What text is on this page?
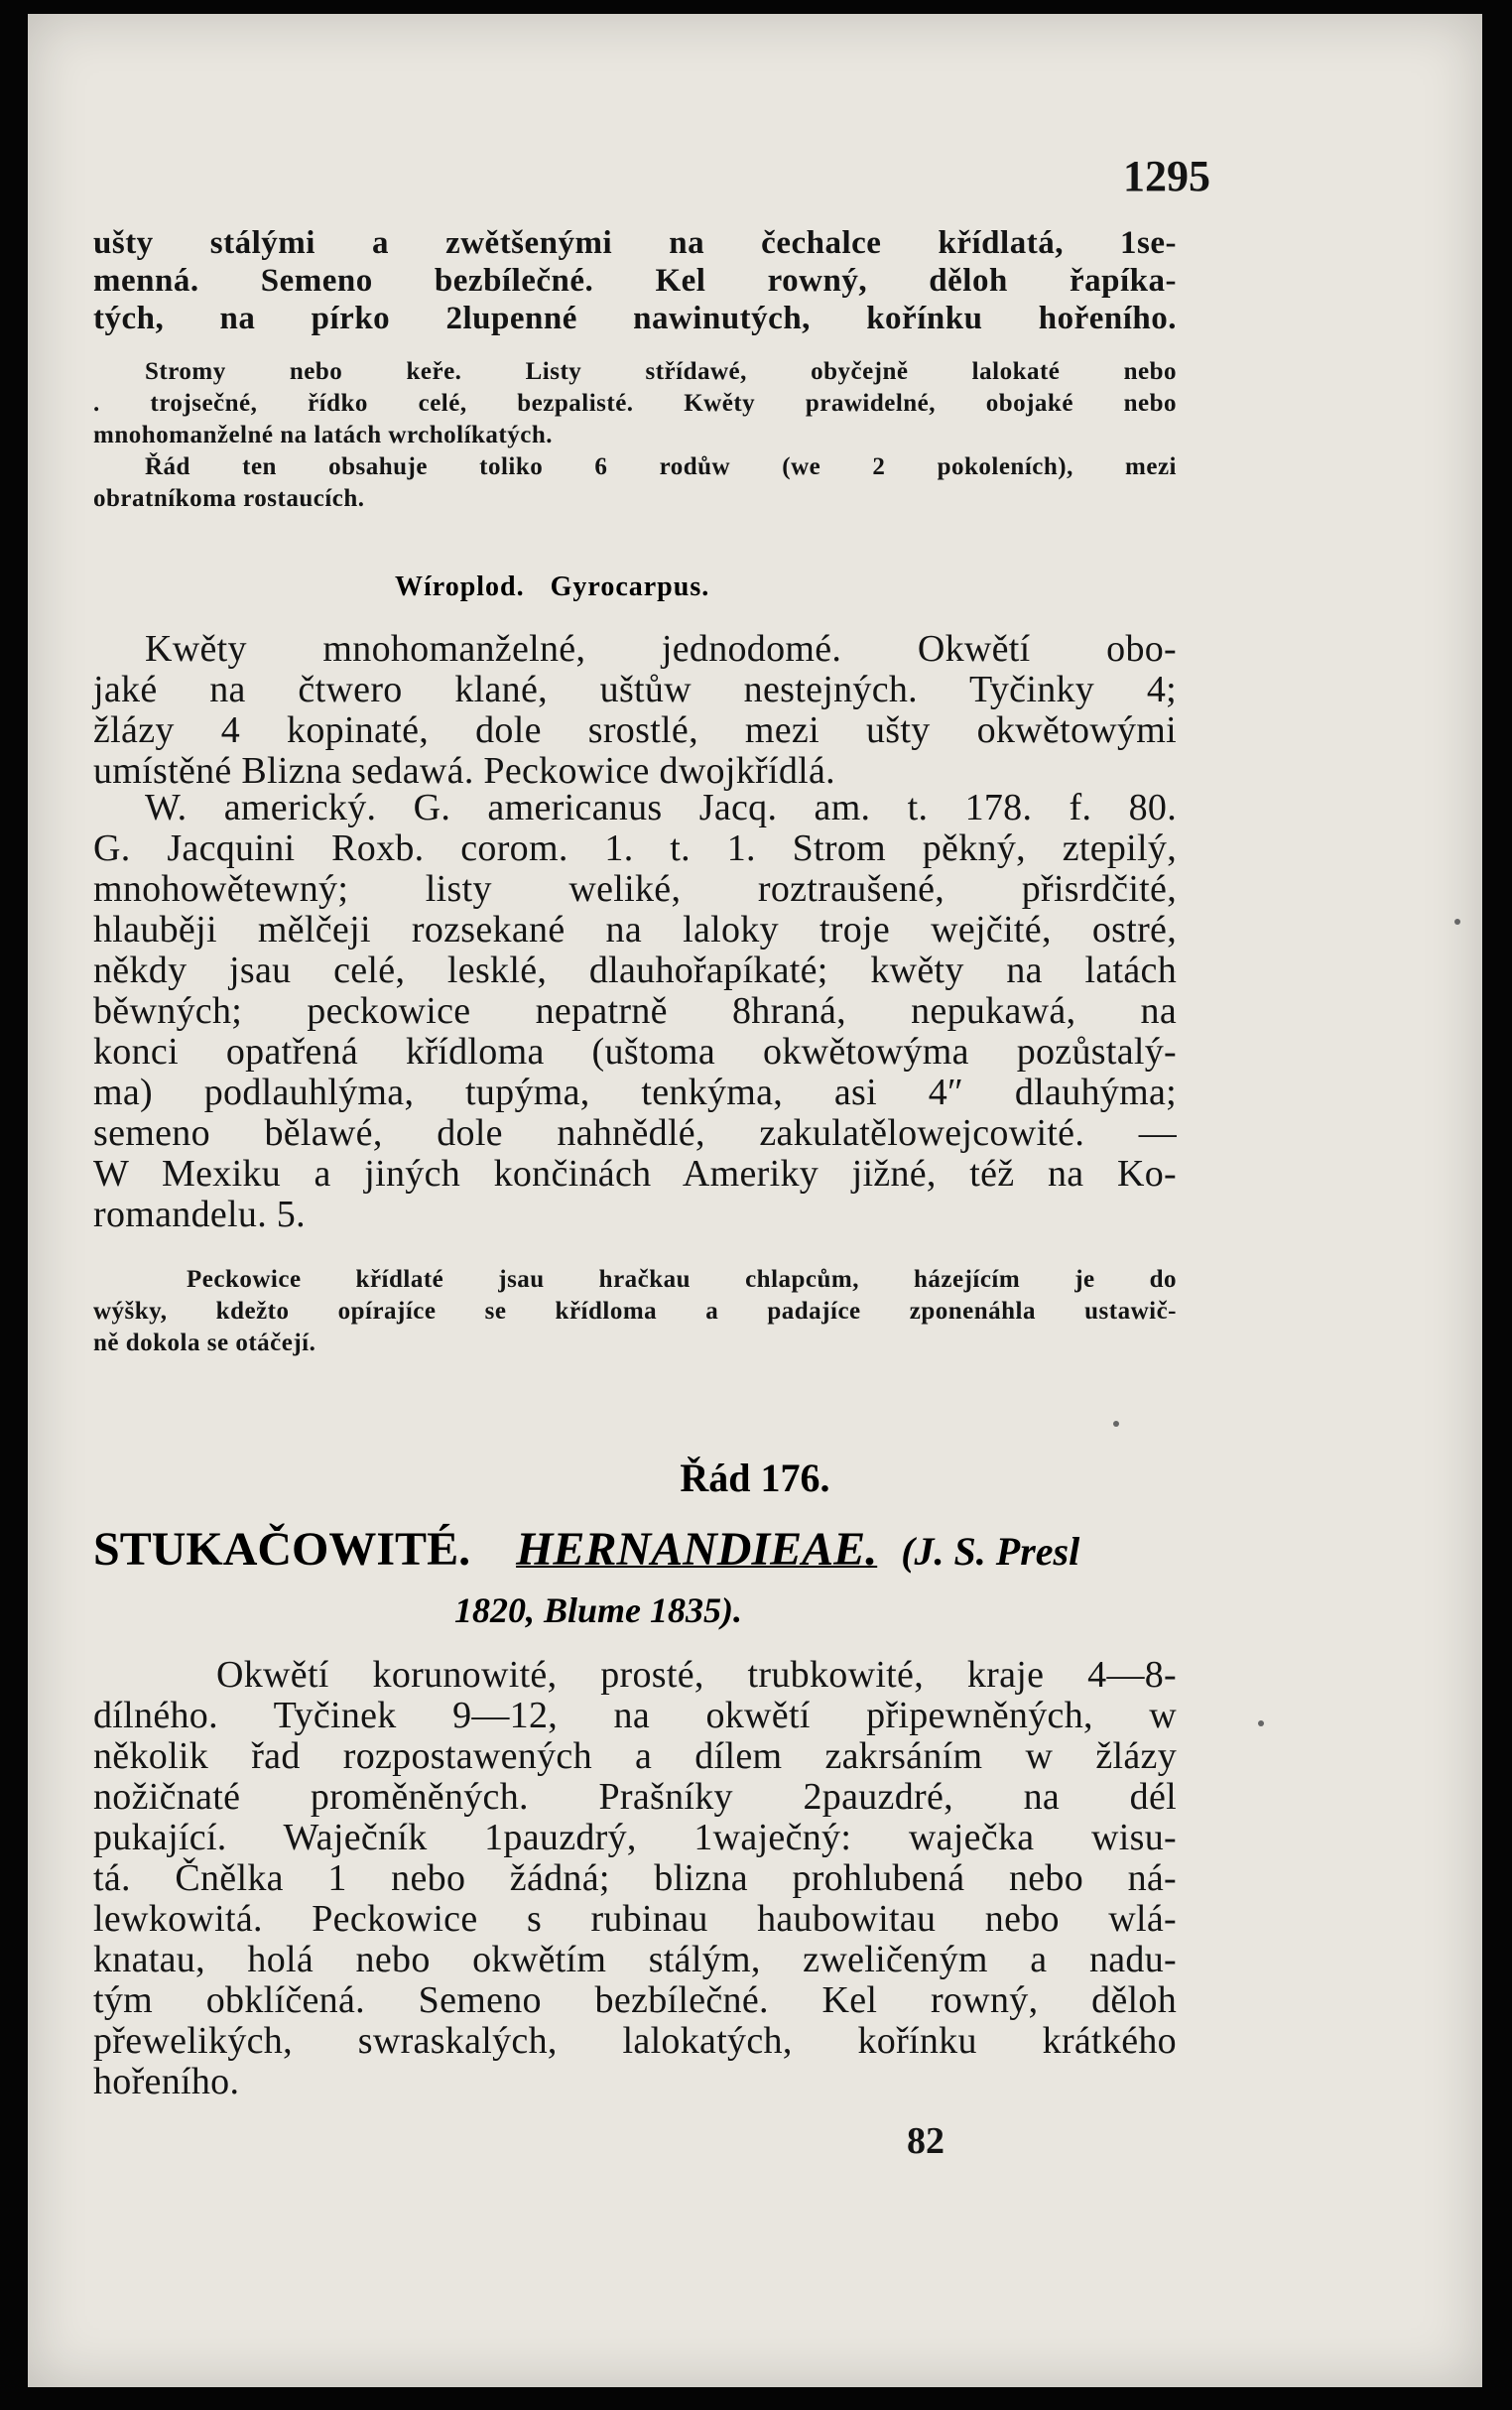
1295
ušty stálými a zwětšenými na čechalce křídlatá, 1se-
menná. Semeno bezbílečné. Kel rowný, děloh řapíka-
tých, na pírko 2lupenné nawinutých, kořínku hořeního.
Stromy nebo keře. Listy střídawé, obyčejně lalokaté nebo
. trojsečné, řídko celé, bezpalisté. Kwěty prawidelné, obojaké nebo
mnohomanželné na latách wrcholíkatých.
Řád ten obsahuje toliko 6 rodůw (we 2 pokoleních), mezi
obratníkoma rostaucích.
Wíroplod. Gyrocarpus.
Kwěty mnohomanželné, jednodomé. Okwětí obo-
jaké na čtwero klané, uštůw nestejných. Tyčinky 4;
žlázy 4 kopinaté, dole srostlé, mezi ušty okwětowými
umístěné Blizna sedawá. Peckowice dwojkřídlá.
W. americký. G. americanus Jacq. am. t. 178. f. 80.
G. Jacquini Roxb. corom. 1. t. 1. Strom pěkný, ztepilý,
mnohowětewný; listy weliké, roztraušené, přisrdčité,
hlauběji mělčeji rozsekané na laloky troje wejčité, ostré,
někdy jsau celé, lesklé, dlauhořapíkaté; kwěty na latách
běwných; peckowice nepatrně 8hraná, nepukawá, na
konci opatřená křídloma (uštoma okwětowýma pozůstalý-
ma) podlauhlýma, tupýma, tenkýma, asi 4″ dlauhýma;
semeno bělawé, dole nahnědlé, zakulatělowejcowité. —
W Mexiku a jiných končinách Ameriky jižné, též na Ko-
romandelu. 5.
Peckowice křídlaté jsau hračkau chlapcům, házejícím je do
wýšky, kdežto opírajíce se křídloma a padajíce zponenáhla ustawič-
ně dokola se otáčejí.
Řád 176.
STUKAČOWITÉ. HERNANDIEAE. (J. S. Presl
1820, Blume 1835).
Okwětí korunowité, prosté, trubkowité, kraje 4—8-
dílného. Tyčinek 9—12, na okwětí připewněných, w
několik řad rozpostawených a dílem zakrsáním w žlázy
nožičnaté proměněných. Prašníky 2pauzdré, na dél
pukající. Waječník 1pauzdrý, 1waječný: waječka wisu-
tá. Čnělka 1 nebo žádná; blizna prohlubená nebo ná-
lewkowitá. Peckowice s rubinau haubowitau nebo wlá-
knatau, holá nebo okwětím stálým, zweličeným a nadu-
tým obklíčená. Semeno bezbílečné. Kel rowný, děloh
přewelikých, swraskalých, lalokatých, kořínku krátkého
hořeního.
82
